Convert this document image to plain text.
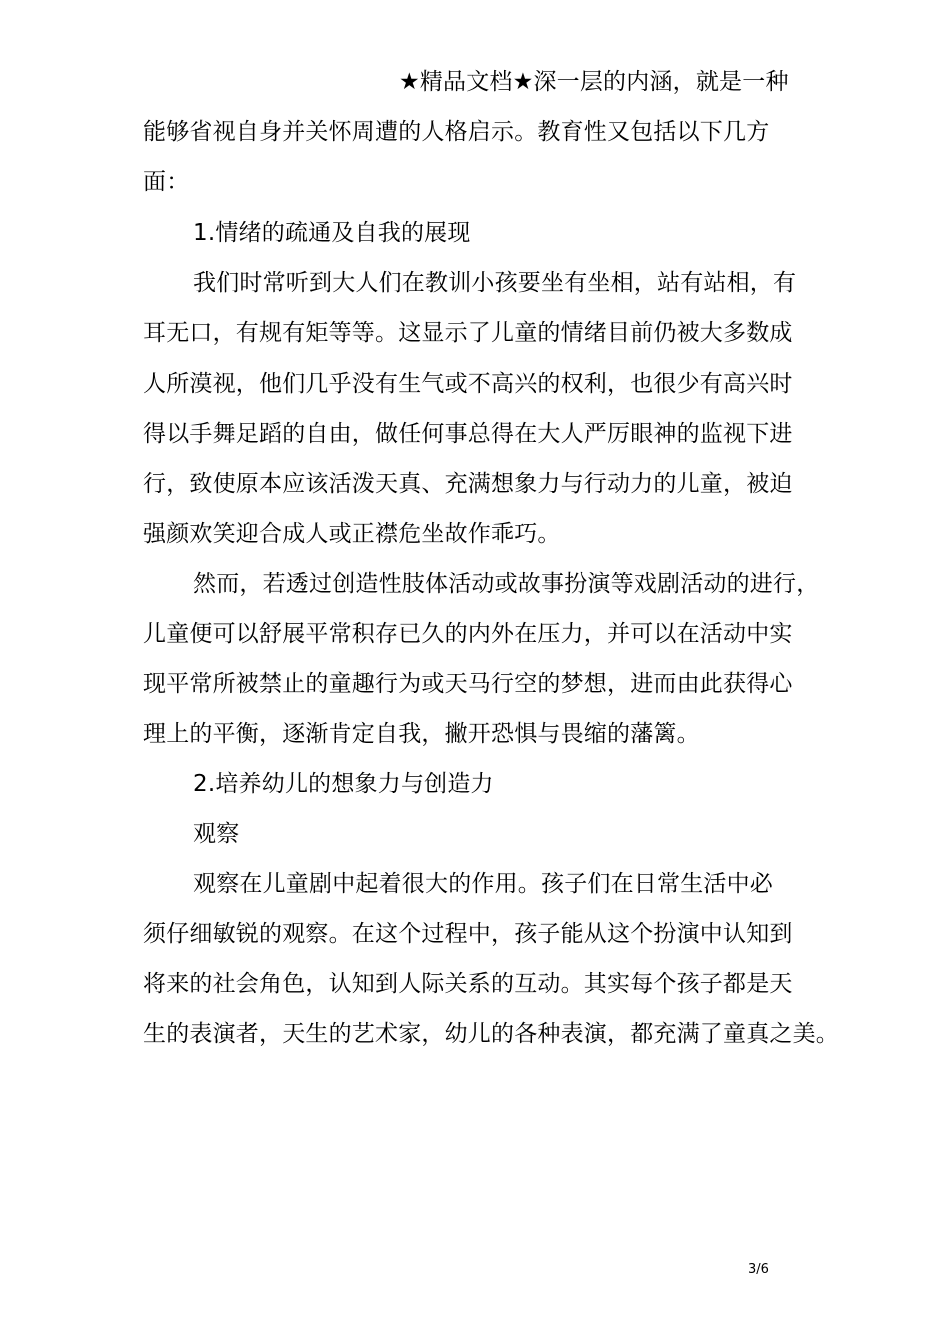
★精品文档★深一层的内涵，就是一种
能够省视自身并关怀周遭的人格启示。教育性又包括以下几方
面：
1.情绪的疏通及自我的展现
我们时常听到大人们在教训小孩要坐有坐相，站有站相，有
耳无口，有规有矩等等。这显示了儿童的情绪目前仍被大多数成
人所漠视，他们几乎没有生气或不高兴的权利，也很少有高兴时
得以手舞足蹈的自由，做任何事总得在大人严厉眼神的监视下进
行，致使原本应该活泼天真、充满想象力与行动力的儿童，被迫
强颜欢笑迎合成人或正襟危坐故作乖巧。
然而，若透过创造性肢体活动或故事扮演等戏剧活动的进行，
儿童便可以舒展平常积存已久的内外在压力，并可以在活动中实
现平常所被禁止的童趣行为或天马行空的梦想，进而由此获得心
理上的平衡，逐渐肯定自我，撇开恐惧与畏缩的藩篱。
2.培养幼儿的想象力与创造力
观察
观察在儿童剧中起着很大的作用。孩子们在日常生活中必
须仔细敏锐的观察。在这个过程中，孩子能从这个扮演中认知到
将来的社会角色，认知到人际关系的互动。其实每个孩子都是天
生的表演者，天生的艺术家，幼儿的各种表演，都充满了童真之美。
3/6
